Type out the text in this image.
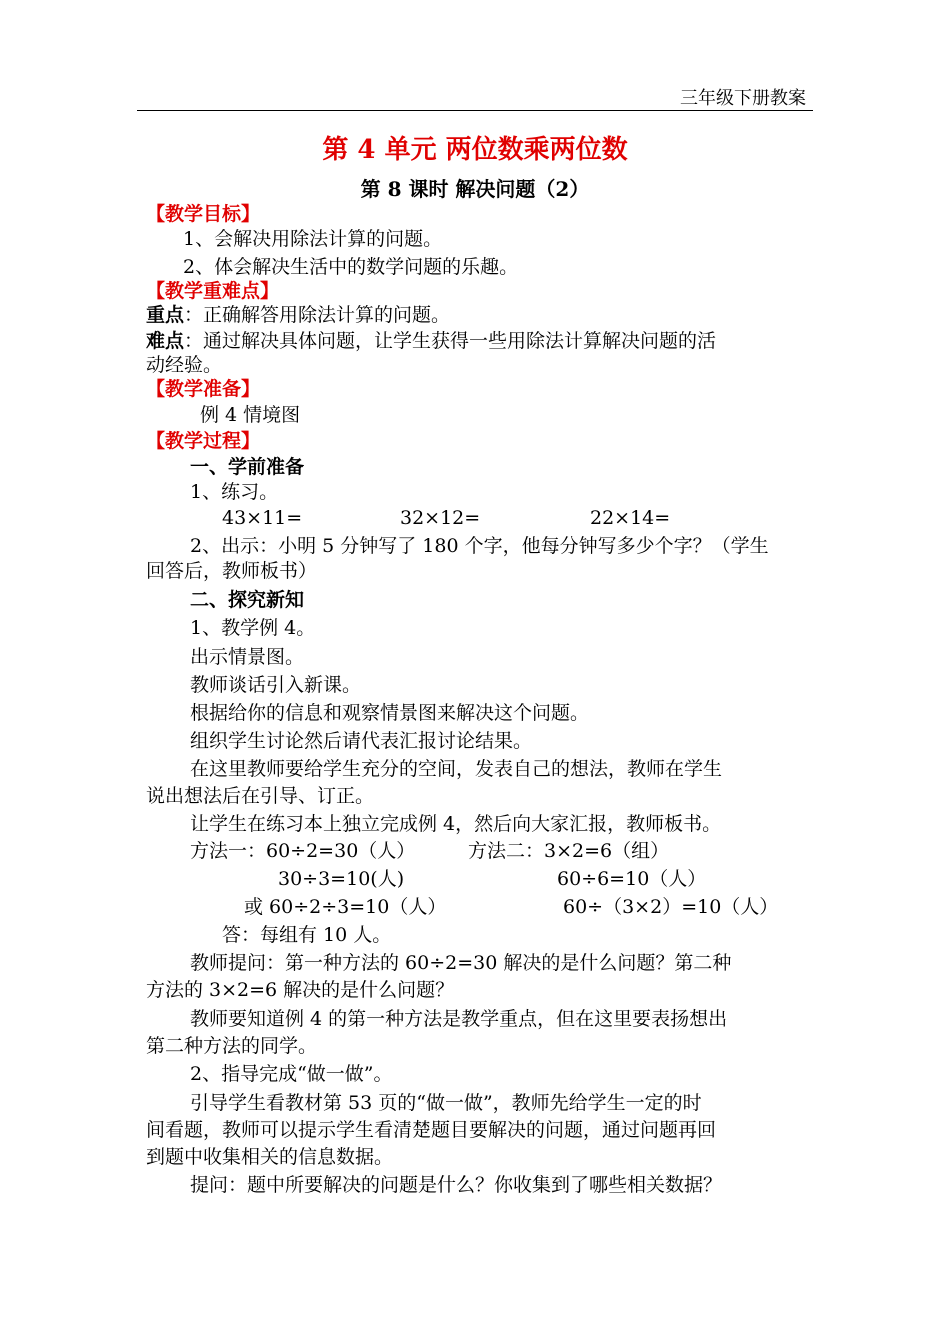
三年级下册教案
第 4 单元 两位数乘两位数
第 8 课时 解决问题（2）
【教学目标】
1、会解决用除法计算的问题。
2、体会解决生活中的数学问题的乐趣。
【教学重难点】
重点：正确解答用除法计算的问题。
难点：通过解决具体问题，让学生获得一些用除法计算解决问题的活
动经验。
【教学准备】
例 4 情境图
【教学过程】
一、学前准备
1、练习。
43×11=	32×12=	22×14=
2、出示：小明 5 分钟写了 180 个字，他每分钟写多少个字？（学生
回答后，教师板书）
二、探究新知
1、教学例 4。
出示情景图。
教师谈话引入新课。
根据给你的信息和观察情景图来解决这个问题。
组织学生讨论然后请代表汇报讨论结果。
在这里教师要给学生充分的空间，发表自己的想法，教师在学生
说出想法后在引导、订正。
让学生在练习本上独立完成例 4，然后向大家汇报，教师板书。
方法一：60÷2=30（人）	方法二：3×2=6（组）
30÷3=10(人)	60÷6=10（人）
或 60÷2÷3=10（人）	60÷（3×2）=10（人）
答：每组有 10 人。
教师提问：第一种方法的 60÷2=30 解决的是什么问题？第二种
方法的 3×2=6 解决的是什么问题？
教师要知道例 4 的第一种方法是教学重点，但在这里要表扬想出
第二种方法的同学。
2、指导完成“做一做”。
引导学生看教材第 53 页的“做一做”，教师先给学生一定的时
间看题，教师可以提示学生看清楚题目要解决的问题，通过问题再回
到题中收集相关的信息数据。
提问：题中所要解决的问题是什么？你收集到了哪些相关数据？
